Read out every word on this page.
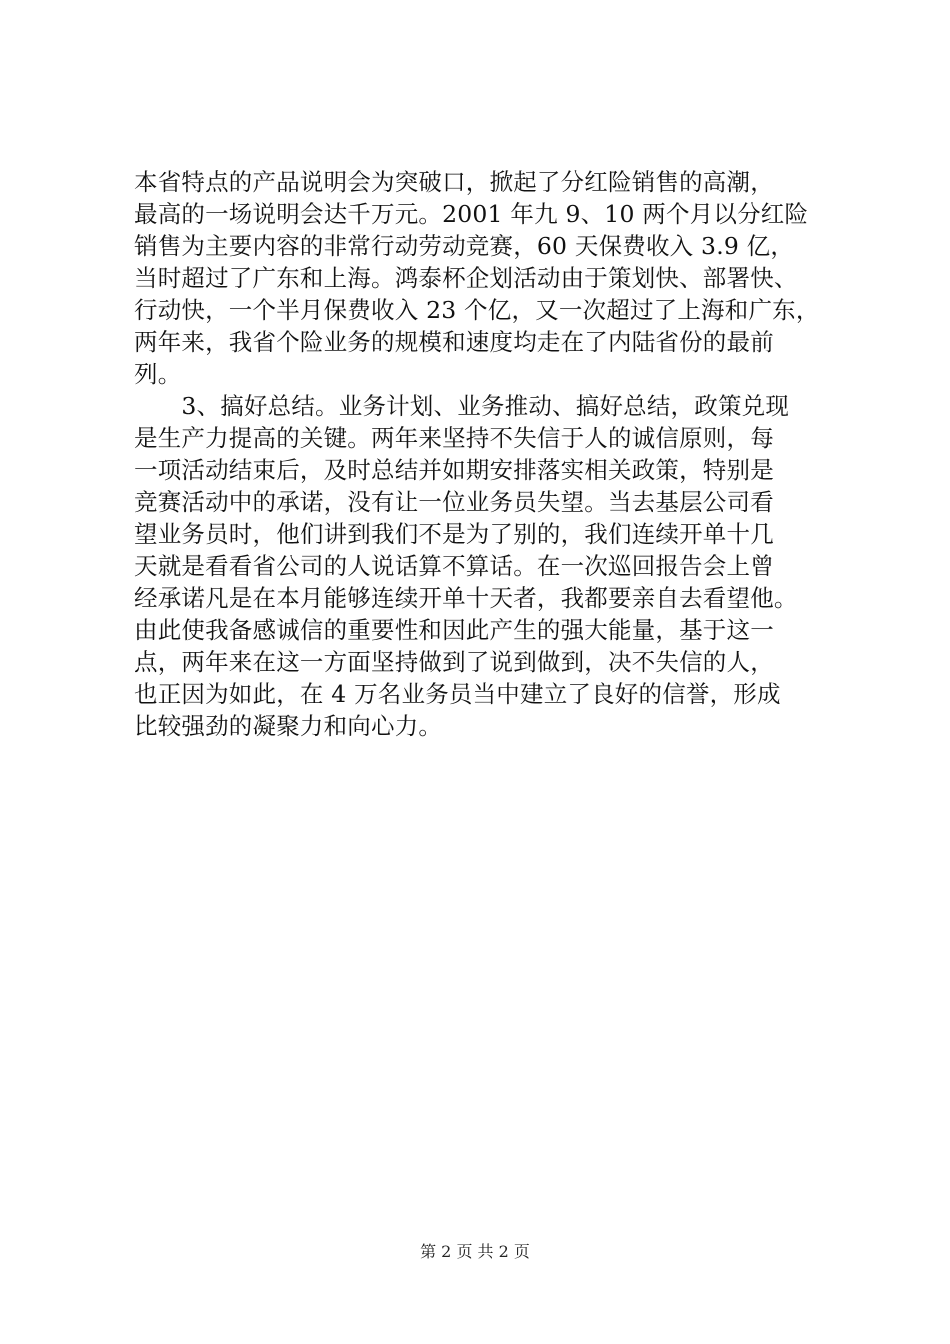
本省特点的产品说明会为突破口，掀起了分红险销售的高潮，
最高的一场说明会达千万元。2001 年九 9、10 两个月以分红险
销售为主要内容的非常行动劳动竞赛，60 天保费收入 3.9 亿，
当时超过了广东和上海。鸿泰杯企划活动由于策划快、部署快、
行动快，一个半月保费收入 23 个亿，又一次超过了上海和广东，
两年来，我省个险业务的规模和速度均走在了内陆省份的最前
列。
　　3、搞好总结。业务计划、业务推动、搞好总结，政策兑现
是生产力提高的关键。两年来坚持不失信于人的诚信原则，每
一项活动结束后，及时总结并如期安排落实相关政策，特别是
竞赛活动中的承诺，没有让一位业务员失望。当去基层公司看
望业务员时，他们讲到我们不是为了别的，我们连续开单十几
天就是看看省公司的人说话算不算话。在一次巡回报告会上曾
经承诺凡是在本月能够连续开单十天者，我都要亲自去看望他。
由此使我备感诚信的重要性和因此产生的强大能量，基于这一
点，两年来在这一方面坚持做到了说到做到，决不失信的人，
也正因为如此，在 4 万名业务员当中建立了良好的信誉，形成
比较强劲的凝聚力和向心力。
第 2 页 共 2 页
